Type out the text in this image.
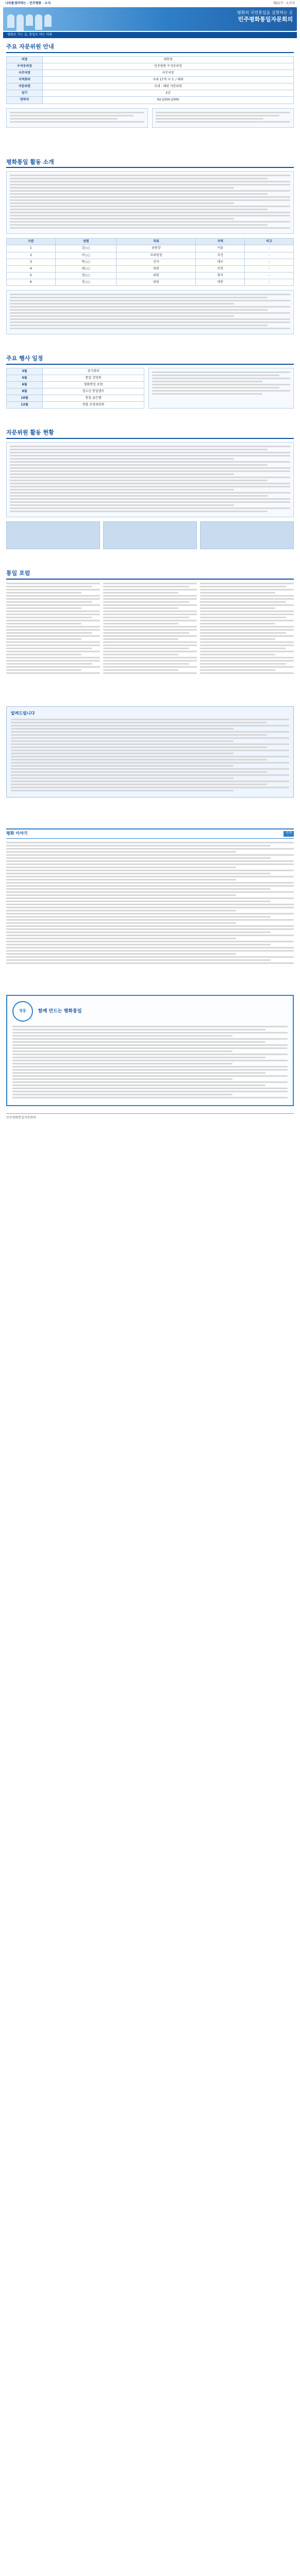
나라를생각하는 · 민주평통 · 소식	제21기 · 소식지
평화의 국민통일을 실현하는 곳
민주평화통일자문회의
평화로 가는 길, 통일로 여는 미래
주요 자문위원 안내
의장	대통령
수석부의장	민주평통 수석부의장
사무처장	사무처장
지역회의	국내 17개 시·도 / 해외
자문위원	국내 · 해외 자문위원
임기	2년
연락처	02-2250-2300

평화통일 활동 소개

구분	성명	직위	지역	비고
1	김○○	위원장	서울	-
2	이○○	부위원장	부산	-
3	박○○	간사	대구	-
4	최○○	위원	인천	-
5	정○○	위원	광주	-
6	강○○	위원	대전	-

주요 행사 일정
3월	정기회의
5월	통일 강연회
6월	평화통일 포럼
8월	청소년 통일캠프
10월	통일 골든벨
12월	연말 운영위원회

자문위원 활동 현황

통일 포럼

알려드립니다

평화 이야기	연재

평통	함께 만드는 평화통일

민주평화통일자문회의
